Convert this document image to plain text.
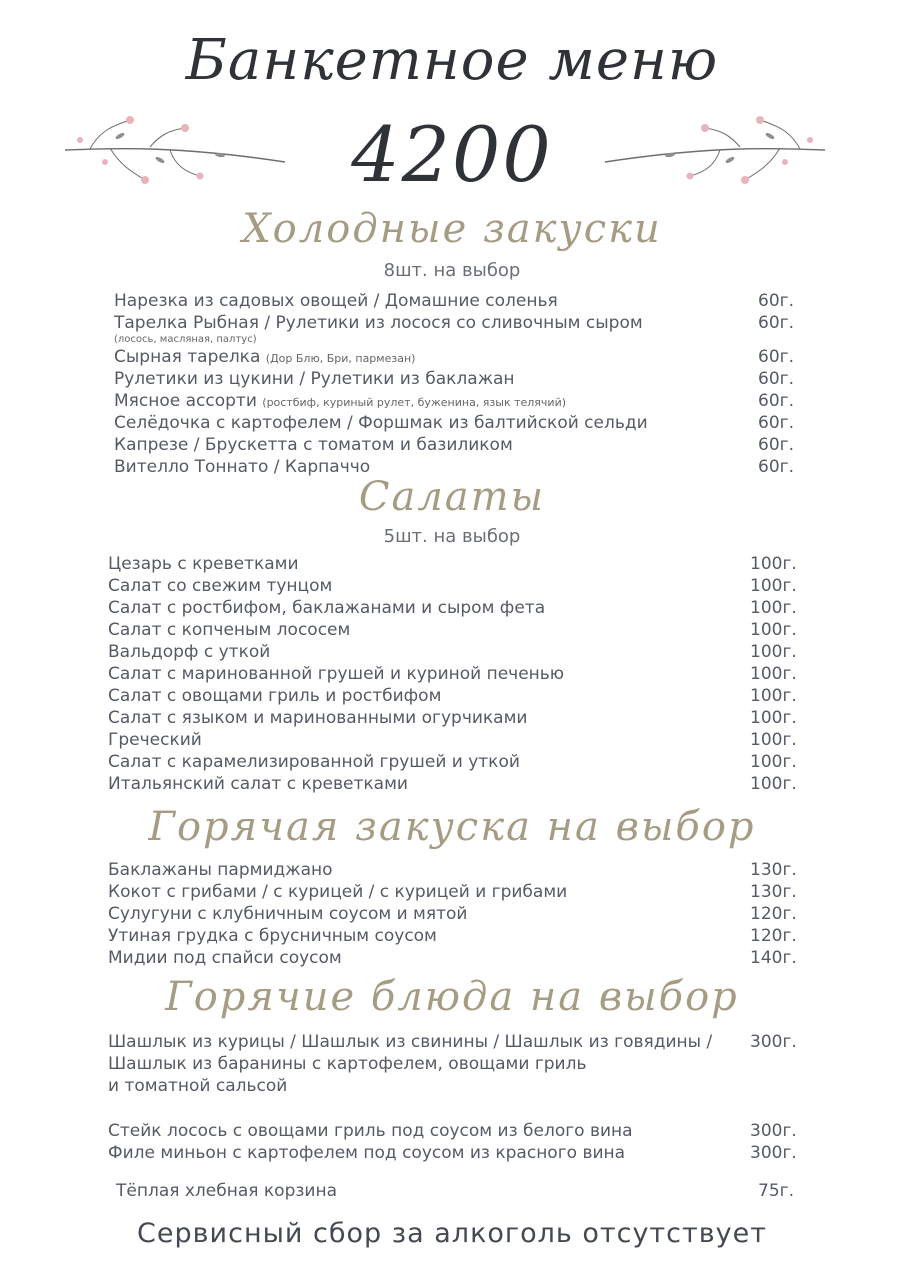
Банкетное меню
4200
Холодные закуски
8шт. на выбор
Нарезка из садовых овощей / Домашние соленья	60г.
Тарелка Рыбная / Рулетики из лосося со сливочным сыром	60г.
(лосось, масляная, палтус)
Сырная тарелка (Дор Блю, Бри, пармезан)	60г.
Рулетики из цукини / Рулетики из баклажан	60г.
Мясное ассорти (ростбиф, куриный рулет, буженина, язык телячий)	60г.
Селёдочка с картофелем / Форшмак из балтийской сельди	60г.
Капрезе / Брускетта с томатом и базиликом	60г.
Вителло Тоннато / Карпаччо	60г.
Салаты
5шт. на выбор
Цезарь с креветками	100г.
Салат со свежим тунцом	100г.
Салат с ростбифом, баклажанами и сыром фета	100г.
Салат с копченым лососем	100г.
Вальдорф с уткой	100г.
Салат с маринованной грушей и куриной печенью	100г.
Салат с овощами гриль и ростбифом	100г.
Салат с языком и маринованными огурчиками	100г.
Греческий	100г.
Салат с карамелизированной грушей и уткой	100г.
Итальянский салат с креветками	100г.
Горячая закуска на выбор
Баклажаны пармиджано	130г.
Кокот с грибами / с курицей / с курицей и грибами	130г.
Сулугуни с клубничным соусом и мятой	120г.
Утиная грудка с брусничным соусом	120г.
Мидии под спайси соусом	140г.
Горячие блюда на выбор
Шашлык из курицы / Шашлык из свинины / Шашлык из говядины / 300г.
Шашлык из баранины с картофелем, овощами гриль
и томатной сальсой
Стейк лосось с овощами гриль под соусом из белого вина	300г.
Филе миньон с картофелем под соусом из красного вина	300г.
Тёплая хлебная корзина	75г.
Сервисный сбор за алкоголь отсутствует
